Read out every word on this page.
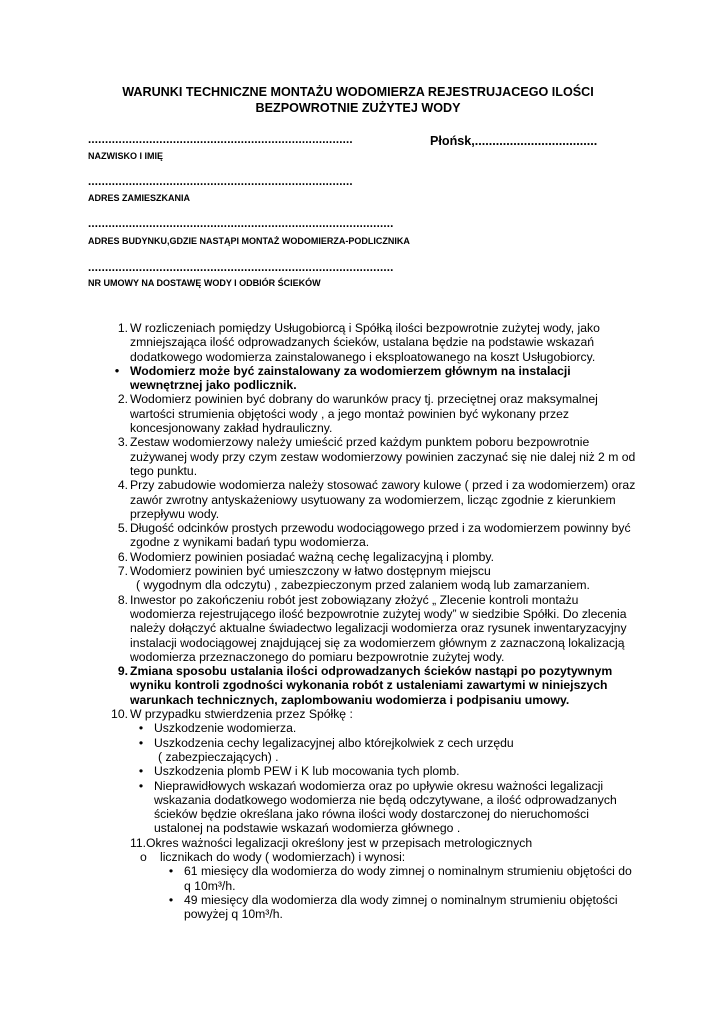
WARUNKI TECHNICZNE MONTAŻU WODOMIERZA REJESTRUJACEGO ILOŚCI
BEZPOWROTNIE ZUŻYTEJ WODY
..............................................................................	Płońsk,...................................
NAZWISKO I IMIĘ
..............................................................................
ADRES ZAMIESZKANIA
..........................................................................................
ADRES BUDYNKU,GDZIE NASTĄPI MONTAŻ WODOMIERZA-PODLICZNIKA
..........................................................................................
NR UMOWY NA DOSTAWĘ WODY I ODBIÓR ŚCIEKÓW
1. W rozliczeniach pomiędzy Usługobiorcą i Spółką ilości bezpowrotnie zużytej wody, jako zmniejszająca ilość odprowadzanych ścieków, ustalana będzie na podstawie wskazań dodatkowego wodomierza zainstalowanego i eksploatowanego na koszt Usługobiorcy.
• Wodomierz może być zainstalowany za wodomierzem głównym na instalacji wewnętrznej jako podlicznik.
2. Wodomierz powinien być dobrany do warunków pracy tj. przeciętnej oraz maksymalnej wartości strumienia objętości wody , a jego montaż powinien być wykonany przez koncesjonowany zakład hydrauliczny.
3. Zestaw wodomierzowy należy umieścić przed każdym punktem poboru bezpowrotnie zużywanej wody przy czym zestaw wodomierzowy powinien zaczynać się nie dalej niż 2 m od tego punktu.
4. Przy zabudowie wodomierza należy stosować zawory kulowe ( przed i za wodomierzem) oraz zawór zwrotny antyskażeniowy usytuowany za wodomierzem, licząc zgodnie z kierunkiem przepływu wody.
5. Długość odcinków prostych przewodu wodociągowego przed i za wodomierzem powinny być zgodne z wynikami badań typu wodomierza.
6. Wodomierz powinien posiadać ważną cechę legalizacyjną i plomby.
7. Wodomierz powinien być umieszczony w łatwo dostępnym miejscu
( wygodnym dla odczytu) , zabezpieczonym przed zalaniem wodą lub zamarzaniem.
8. Inwestor po zakończeniu robót jest zobowiązany złożyć „ Zlecenie kontroli montażu wodomierza rejestrującego ilość bezpowrotnie zużytej wody” w siedzibie Spółki. Do zlecenia należy dołączyć aktualne świadectwo legalizacji wodomierza oraz rysunek inwentaryzacyjny instalacji wodociągowej znajdującej się za wodomierzem głównym z zaznaczoną lokalizacją wodomierza przeznaczonego do pomiaru bezpowrotnie zużytej wody.
9. Zmiana sposobu ustalania ilości odprowadzanych ścieków nastąpi po pozytywnym wyniku kontroli zgodności wykonania robót z ustaleniami zawartymi w niniejszych warunkach technicznych, zaplombowaniu wodomierza i podpisaniu umowy.
10. W przypadku stwierdzenia przez Spółkę :
• Uszkodzenie wodomierza.
• Uszkodzenia cechy legalizacyjnej albo którejkolwiek z cech urzędu
( zabezpieczających) .
• Uszkodzenia plomb PEW i K lub mocowania tych plomb.
• Nieprawidłowych wskazań wodomierza oraz po upływie okresu ważności legalizacji wskazania dodatkowego wodomierza nie będą odczytywane, a ilość odprowadzanych ścieków będzie określana jako równa ilości wody dostarczonej do nieruchomości ustalonej na podstawie wskazań wodomierza głównego .
11.Okres ważności legalizacji określony jest w przepisach metrologicznych
o licznikach do wody ( wodomierzach) i wynosi:
• 61 miesięcy dla wodomierza do wody zimnej o nominalnym strumieniu objętości do q 10m³/h.
• 49 miesięcy dla wodomierza dla wody zimnej o nominalnym strumieniu objętości powyżej q 10m³/h.
